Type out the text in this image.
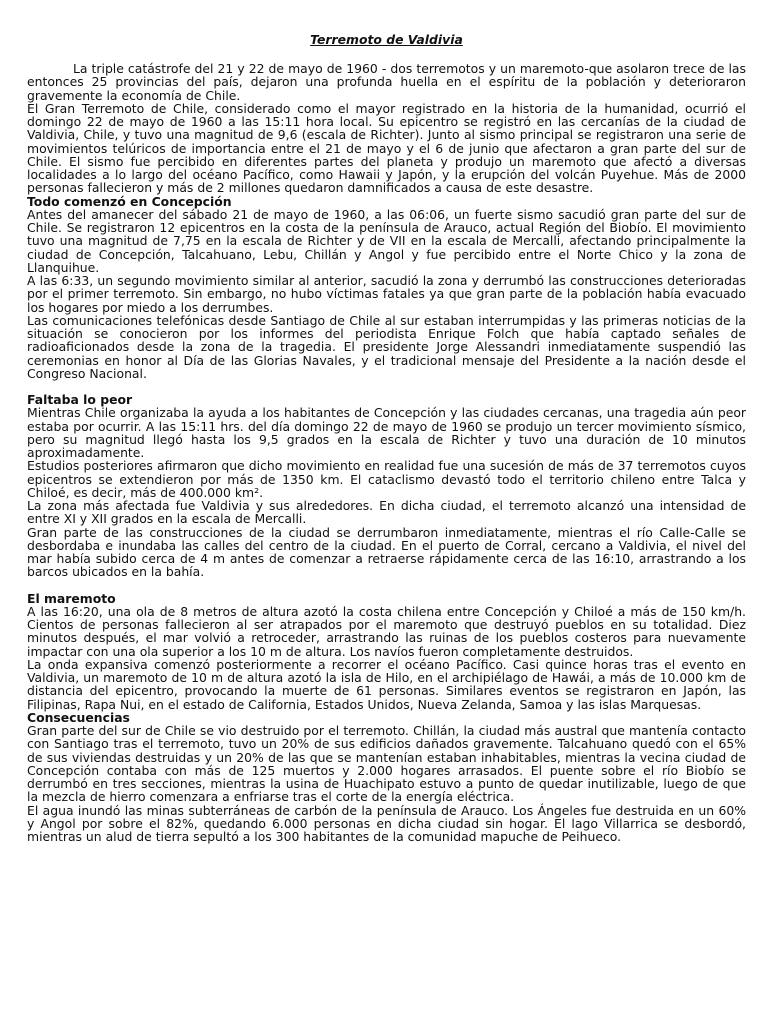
Terremoto de Valdivia

La triple catástrofe del 21 y 22 de mayo de 1960 - dos terremotos y un maremoto-que asolaron trece de las entonces 25 provincias del país, dejaron una profunda huella en el espíritu de la población y deterioraron gravemente la economía de Chile.

El Gran Terremoto de Chile, considerado como el mayor registrado en la historia de la humanidad, ocurrió el domingo 22 de mayo de 1960 a las 15:11 hora local. Su epicentro se registró en las cercanías de la ciudad de Valdivia, Chile, y tuvo una magnitud de 9,6 (escala de Richter). Junto al sismo principal se registraron una serie de movimientos telúricos de importancia entre el 21 de mayo y el 6 de junio que afectaron a gran parte del sur de Chile. El sismo fue percibido en diferentes partes del planeta y produjo un maremoto que afectó a diversas localidades a lo largo del océano Pacífico, como Hawaii y Japón, y la erupción del volcán Puyehue. Más de 2000 personas fallecieron y más de 2 millones quedaron damnificados a causa de este desastre.

Todo comenzó en Concepción

Antes del amanecer del sábado 21 de mayo de 1960, a las 06:06, un fuerte sismo sacudió gran parte del sur de Chile. Se registraron 12 epicentros en la costa de la península de Arauco, actual Región del Biobío. El movimiento tuvo una magnitud de 7,75 en la escala de Richter y de VII en la escala de Mercalli, afectando principalmente la ciudad de Concepción, Talcahuano, Lebu, Chillán y Angol y fue percibido entre el Norte Chico y la zona de Llanquihue.

A las 6:33, un segundo movimiento similar al anterior, sacudió la zona y derrumbó las construcciones deterioradas por el primer terremoto. Sin embargo, no hubo víctimas fatales ya que gran parte de la población había evacuado los hogares por miedo a los derrumbes.

Las comunicaciones telefónicas desde Santiago de Chile al sur estaban interrumpidas y las primeras noticias de la situación se conocieron por los informes del periodista Enrique Folch que había captado señales de radioaficionados desde la zona de la tragedia. El presidente Jorge Alessandri inmediatamente suspendió las ceremonias en honor al Día de las Glorias Navales, y el tradicional mensaje del Presidente a la nación desde el Congreso Nacional.

Faltaba lo peor

Mientras Chile organizaba la ayuda a los habitantes de Concepción y las ciudades cercanas, una tragedia aún peor estaba por ocurrir. A las 15:11 hrs. del día domingo 22 de mayo de 1960 se produjo un tercer movimiento sísmico, pero su magnitud llegó hasta los 9,5 grados en la escala de Richter y tuvo una duración de 10 minutos aproximadamente.

Estudios posteriores afirmaron que dicho movimiento en realidad fue una sucesión de más de 37 terremotos cuyos epicentros se extendieron por más de 1350 km. El cataclismo devastó todo el territorio chileno entre Talca y Chiloé, es decir, más de 400.000 km².

La zona más afectada fue Valdivia y sus alrededores. En dicha ciudad, el terremoto alcanzó una intensidad de entre XI y XII grados en la escala de Mercalli.

Gran parte de las construcciones de la ciudad se derrumbaron inmediatamente, mientras el río Calle-Calle se desbordaba e inundaba las calles del centro de la ciudad. En el puerto de Corral, cercano a Valdivia, el nivel del mar había subido cerca de 4 m antes de comenzar a retraerse rápidamente cerca de las 16:10, arrastrando a los barcos ubicados en la bahía.

El maremoto

A las 16:20, una ola de 8 metros de altura azotó la costa chilena entre Concepción y Chiloé a más de 150 km/h. Cientos de personas fallecieron al ser atrapados por el maremoto que destruyó pueblos en su totalidad. Diez minutos después, el mar volvió a retroceder, arrastrando las ruinas de los pueblos costeros para nuevamente impactar con una ola superior a los 10 m de altura. Los navíos fueron completamente destruidos.

La onda expansiva comenzó posteriormente a recorrer el océano Pacífico. Casi quince horas tras el evento en Valdivia, un maremoto de 10 m de altura azotó la isla de Hilo, en el archipiélago de Hawái, a más de 10.000 km de distancia del epicentro, provocando la muerte de 61 personas. Similares eventos se registraron en Japón, las Filipinas, Rapa Nui, en el estado de California, Estados Unidos, Nueva Zelanda, Samoa y las islas Marquesas.

Consecuencias

Gran parte del sur de Chile se vio destruido por el terremoto. Chillán, la ciudad más austral que mantenía contacto con Santiago tras el terremoto, tuvo un 20% de sus edificios dañados gravemente. Talcahuano quedó con el 65% de sus viviendas destruidas y un 20% de las que se mantenían estaban inhabitables, mientras la vecina ciudad de Concepción contaba con más de 125 muertos y 2.000 hogares arrasados. El puente sobre el río Biobío se derrumbó en tres secciones, mientras la usina de Huachipato estuvo a punto de quedar inutilizable, luego de que la mezcla de hierro comenzara a enfriarse tras el corte de la energía eléctrica.

El agua inundó las minas subterráneas de carbón de la península de Arauco. Los Ángeles fue destruida en un 60% y Angol por sobre el 82%, quedando 6.000 personas en dicha ciudad sin hogar. El lago Villarrica se desbordó, mientras un alud de tierra sepultó a los 300 habitantes de la comunidad mapuche de Peihueco.
